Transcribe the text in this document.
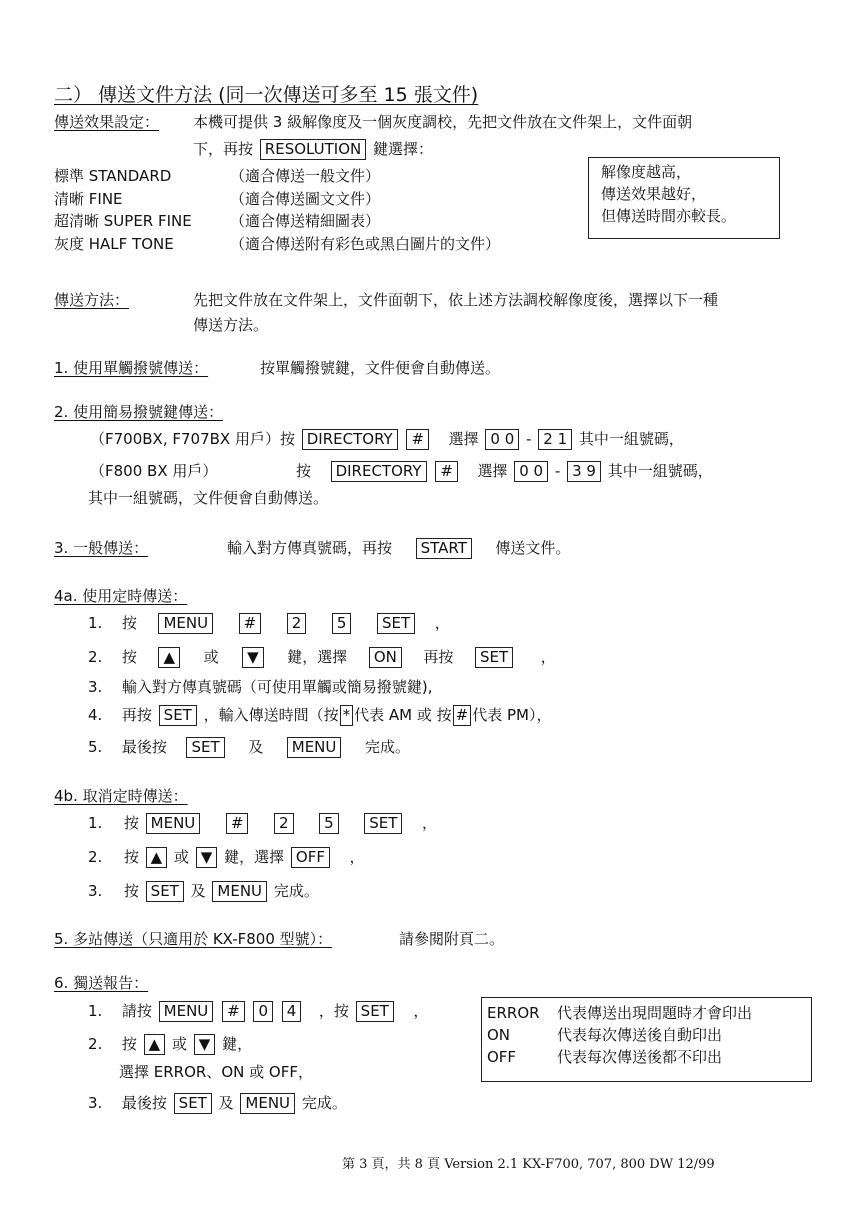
二） 傳送文件方法 (同一次傳送可多至 15 張文件)
傳送效果設定： 本機可提供 3 級解像度及一個灰度調校，先把文件放在文件架上，文件面朝
下，再按 RESOLUTION 鍵選擇：
標準 STANDARD	（適合傳送一般文件）
清晰 FINE	（適合傳送圖文文件）
超清晰 SUPER FINE	（適合傳送精細圖表）
灰度 HALF TONE	（適合傳送附有彩色或黑白圖片的文件）
解像度越高，
傳送效果越好，
但傳送時間亦較長。
傳送方法：	先把文件放在文件架上，文件面朝下，依上述方法調校解像度後，選擇以下一種
傳送方法。
1. 使用單觸撥號傳送：	按單觸撥號鍵，文件便會自動傳送。
2. 使用簡易撥號鍵傳送：
（F700BX, F707BX 用戶）按 DIRECTORY # 選擇 0 0 - 2 1 其中一組號碼，
（F800 BX 用戶）	按 DIRECTORY # 選擇 0 0 - 3 9 其中一組號碼，
其中一組號碼，文件便會自動傳送。
3. 一般傳送：	輸入對方傳真號碼，再按 START 傳送文件。
4a. 使用定時傳送：
1. 按 MENU # 2 5 SET ，
2. 按 ▲ 或 ▼ 鍵，選擇 ON 再按 SET ，
3. 輸入對方傳真號碼（可使用單觸或簡易撥號鍵),
4. 再按 SET ，輸入傳送時間（按 * 代表 AM 或 按 # 代表 PM），
5. 最後按 SET 及 MENU 完成。
4b. 取消定時傳送：
1. 按 MENU # 2 5 SET ，
2. 按 ▲ 或 ▼ 鍵，選擇 OFF ，
3. 按 SET 及 MENU 完成。
5. 多站傳送（只適用於 KX-F800 型號）：	請參閱附頁二。
6. 獨送報告：
1. 請按 MENU # 0 4 ，按 SET ，
2. 按 ▲ 或 ▼ 鍵，
選擇 ERROR、ON 或 OFF，
3. 最後按 SET 及 MENU 完成。
ERROR 代表傳送出現問題時才會印出
ON	代表每次傳送後自動印出
OFF	代表每次傳送後都不印出
第 3 頁，共 8 頁 Version 2.1 KX-F700, 707, 800 DW 12/99
